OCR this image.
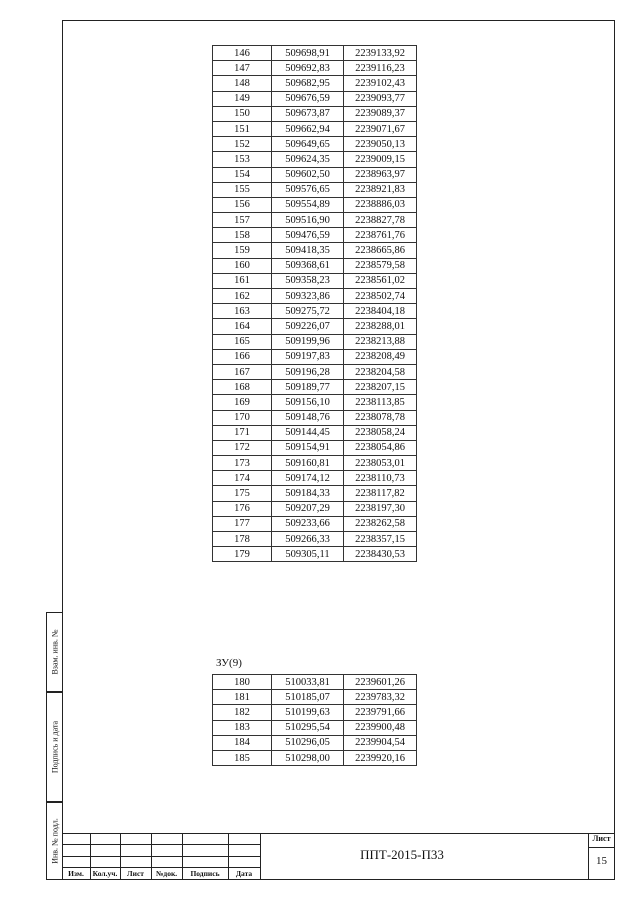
Взам. инв. №
Подпись и дата
Инв. № подл.
146	509698,91	2239133,92
147	509692,83	2239116,23
148	509682,95	2239102,43
149	509676,59	2239093,77
150	509673,87	2239089,37
151	509662,94	2239071,67
152	509649,65	2239050,13
153	509624,35	2239009,15
154	509602,50	2238963,97
155	509576,65	2238921,83
156	509554,89	2238886,03
157	509516,90	2238827,78
158	509476,59	2238761,76
159	509418,35	2238665,86
160	509368,61	2238579,58
161	509358,23	2238561,02
162	509323,86	2238502,74
163	509275,72	2238404,18
164	509226,07	2238288,01
165	509199,96	2238213,88
166	509197,83	2238208,49
167	509196,28	2238204,58
168	509189,77	2238207,15
169	509156,10	2238113,85
170	509148,76	2238078,78
171	509144,45	2238058,24
172	509154,91	2238054,86
173	509160,81	2238053,01
174	509174,12	2238110,73
175	509184,33	2238117,82
176	509207,29	2238197,30
177	509233,66	2238262,58
178	509266,33	2238357,15
179	509305,11	2238430,53
ЗУ(9)
180	510033,81	2239601,26
181	510185,07	2239783,32
182	510199,63	2239791,66
183	510295,54	2239900,48
184	510296,05	2239904,54
185	510298,00	2239920,16
Изм.	Кол.уч.	Лист	№док.	Подпись	Дата
ППТ-2015-П33
Лист
15
